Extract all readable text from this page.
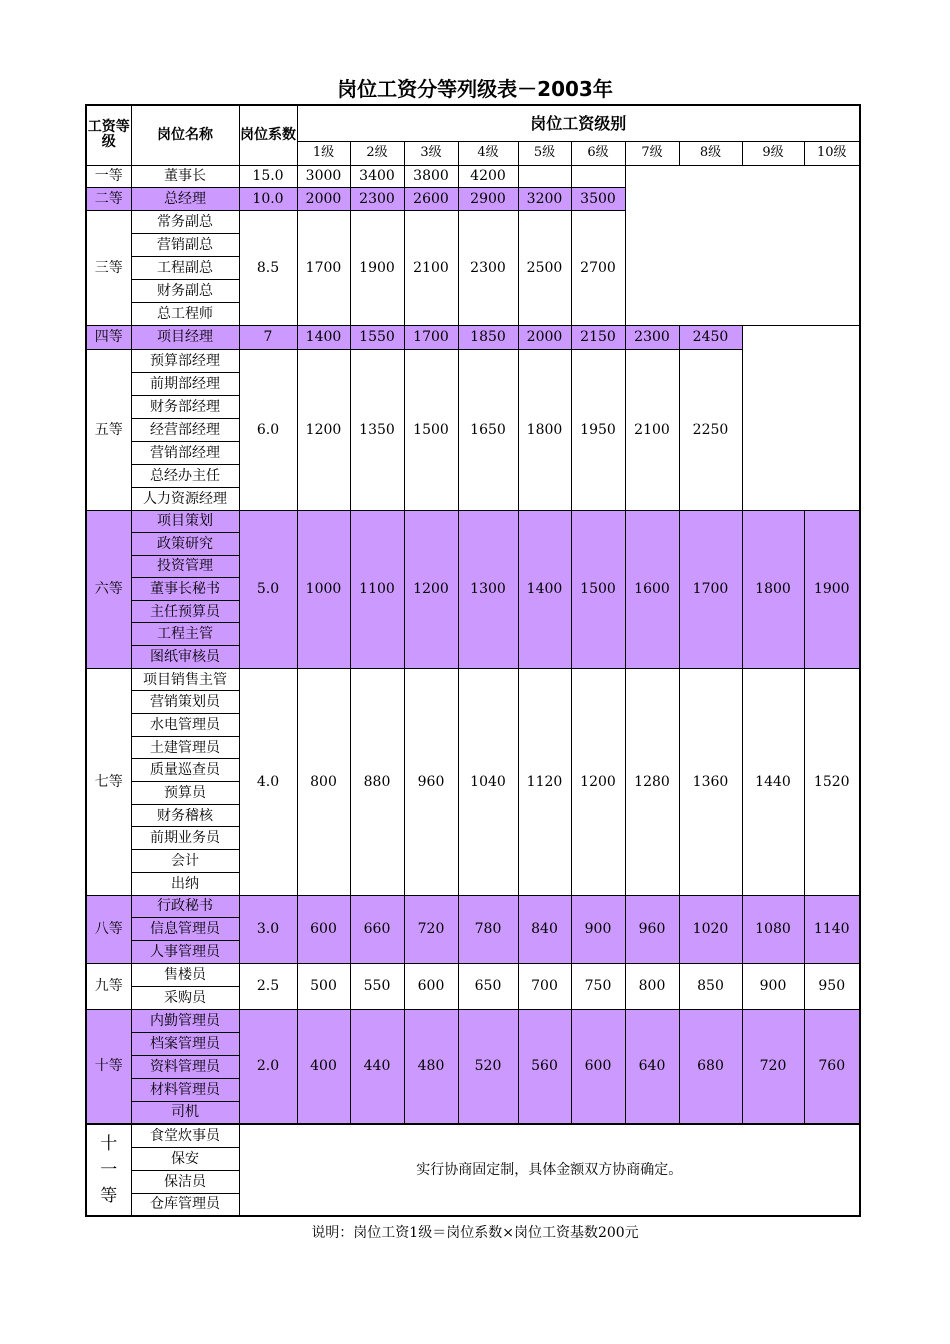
岗位工资分等列级表－2003年
工资等级	岗位名称	岗位系数	岗位工资级别									
			1级	2级	3级	4级	5级	6级	7级	8级	9级	10级
一等	董事长	15.0	3000	3400	3800	4200						
二等	总经理	10.0	2000	2300	2600	2900	3200	3500				
三等	常务副总	8.5	1700	1900	2100	2300	2500	2700				
	营销副总											
	工程副总											
	财务副总											
	总工程师											
四等	项目经理	7	1400	1550	1700	1850	2000	2150	2300	2450		
五等	预算部经理	6.0	1200	1350	1500	1650	1800	1950	2100	2250		
	前期部经理											
	财务部经理											
	经营部经理											
	营销部经理											
	总经办主任											
	人力资源经理											
六等	项目策划	5.0	1000	1100	1200	1300	1400	1500	1600	1700	1800	1900
	政策研究											
	投资管理											
	董事长秘书											
	主任预算员											
	工程主管											
	图纸审核员											
七等	项目销售主管	4.0	800	880	960	1040	1120	1200	1280	1360	1440	1520
	营销策划员											
	水电管理员											
	土建管理员											
	质量巡查员											
	预算员											
	财务稽核											
	前期业务员											
	会计											
	出纳											
八等	行政秘书	3.0	600	660	720	780	840	900	960	1020	1080	1140
	信息管理员											
	人事管理员											
九等	售楼员	2.5	500	550	600	650	700	750	800	850	900	950
	采购员											
十等	内勤管理员	2.0	400	440	480	520	560	600	640	680	720	760
	档案管理员											
	资料管理员											
	材料管理员											
	司机											
十一等	食堂炊事员	实行协商固定制，具体金额双方协商确定。										
	保安											
	保洁员											
	仓库管理员											
说明：岗位工资1级＝岗位系数×岗位工资基数200元
